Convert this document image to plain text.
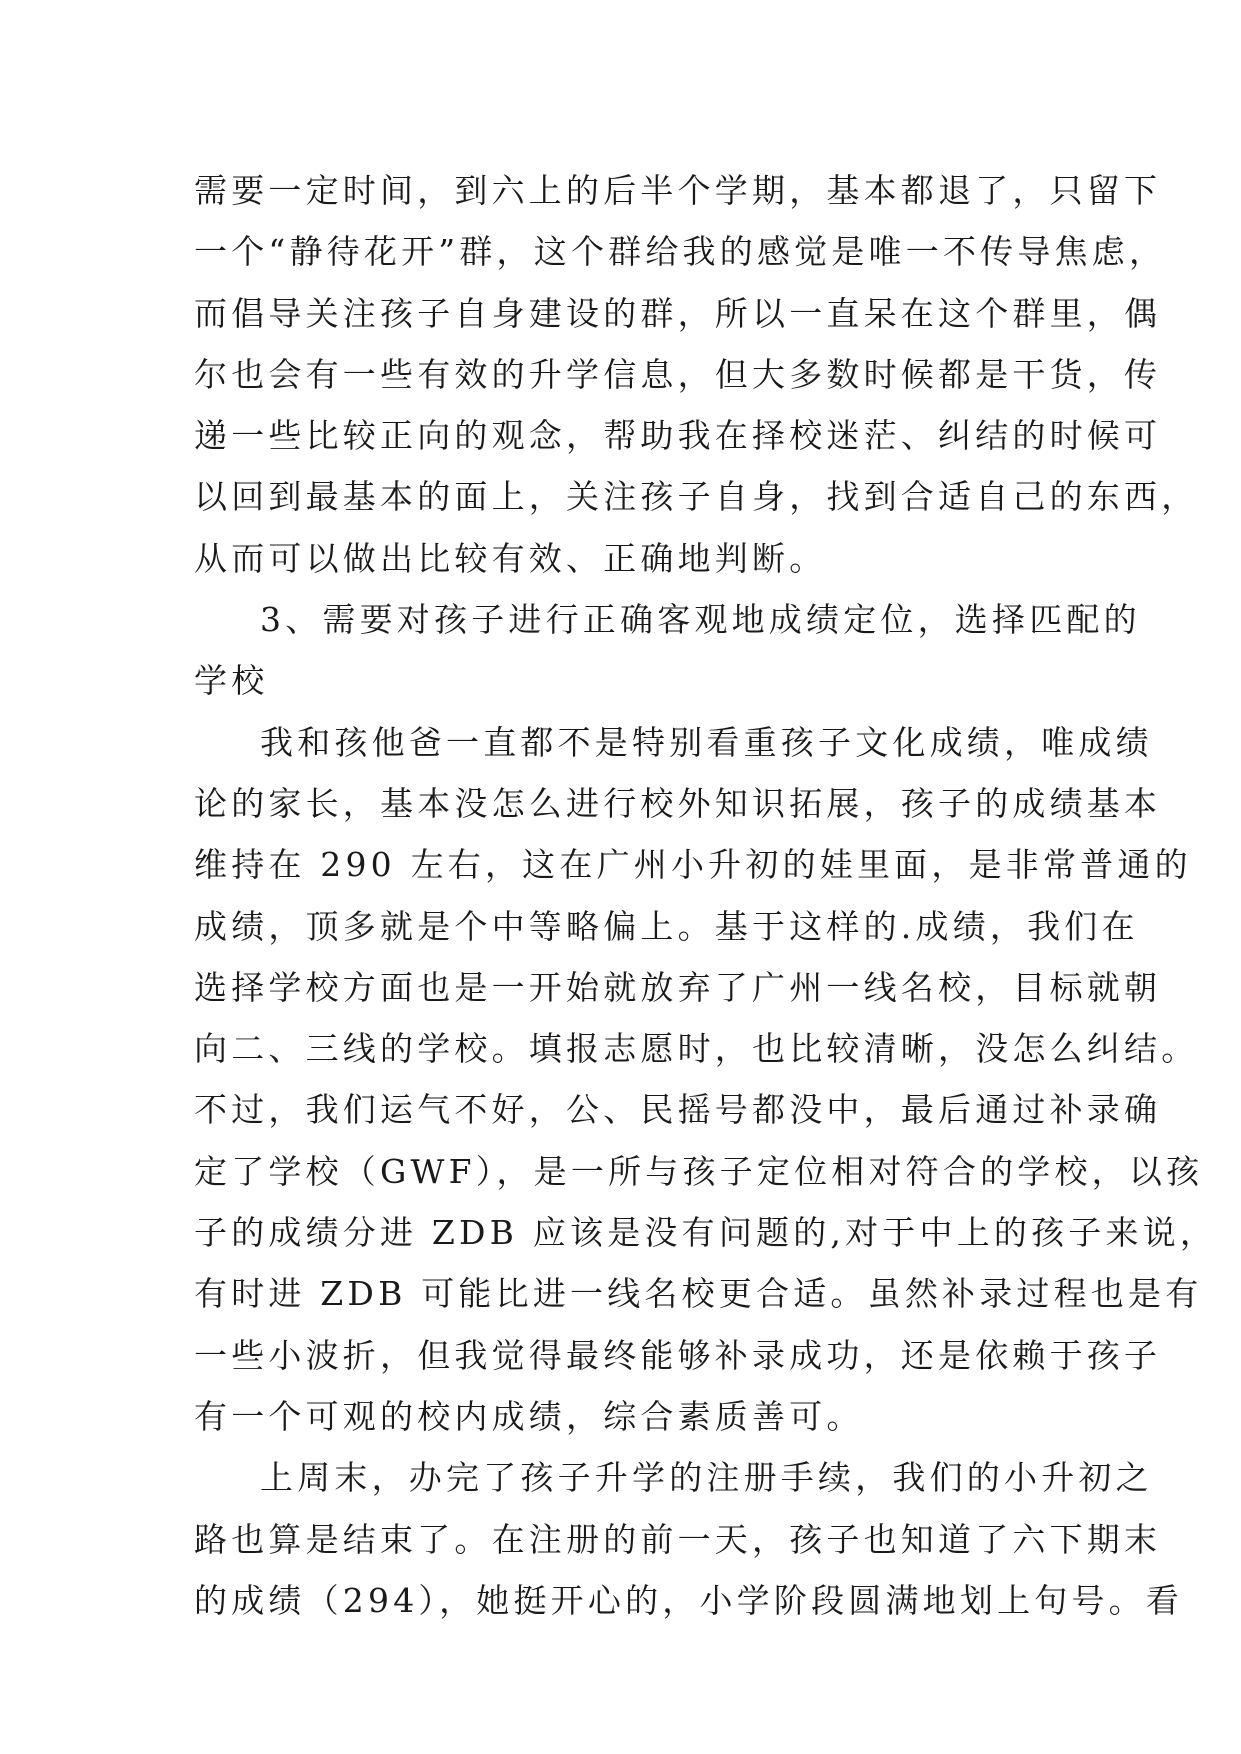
需要一定时间，到六上的后半个学期，基本都退了，只留下
一个“静待花开”群，这个群给我的感觉是唯一不传导焦虑，
而倡导关注孩子自身建设的群，所以一直呆在这个群里，偶
尔也会有一些有效的升学信息，但大多数时候都是干货，传
递一些比较正向的观念，帮助我在择校迷茫、纠结的时候可
以回到最基本的面上，关注孩子自身，找到合适自己的东西，
从而可以做出比较有效、正确地判断。
3、需要对孩子进行正确客观地成绩定位，选择匹配的
学校
我和孩他爸一直都不是特别看重孩子文化成绩，唯成绩
论的家长，基本没怎么进行校外知识拓展，孩子的成绩基本
维持在 290 左右，这在广州小升初的娃里面，是非常普通的
成绩，顶多就是个中等略偏上。基于这样的.成绩，我们在
选择学校方面也是一开始就放弃了广州一线名校，目标就朝
向二、三线的学校。填报志愿时，也比较清晰，没怎么纠结。
不过，我们运气不好，公、民摇号都没中，最后通过补录确
定了学校（GWF），是一所与孩子定位相对符合的学校，以孩
子的成绩分进 ZDB 应该是没有问题的,对于中上的孩子来说，
有时进 ZDB 可能比进一线名校更合适。虽然补录过程也是有
一些小波折，但我觉得最终能够补录成功，还是依赖于孩子
有一个可观的校内成绩，综合素质善可。
上周末，办完了孩子升学的注册手续，我们的小升初之
路也算是结束了。在注册的前一天，孩子也知道了六下期末
的成绩（294），她挺开心的，小学阶段圆满地划上句号。看
